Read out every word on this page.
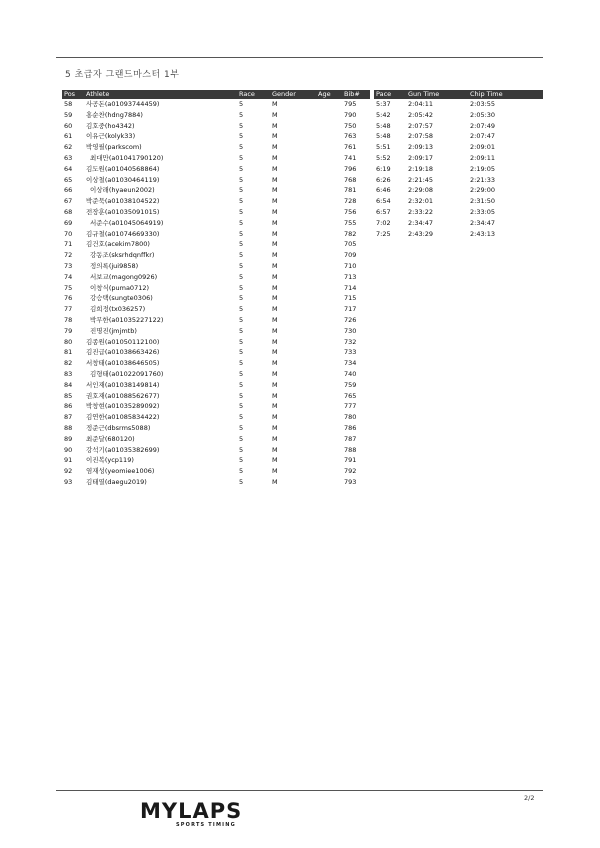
5 초급자 그랜드마스터 1부
Pos	Athlete	Race	Gender	Age	Bib#		Pace	Gun Time	Chip Time
58	사공돈(a01093744459)	5	M		795		5:37	2:04:11	2:03:55
59	홍순찬(hdng7884)	5	M		790		5:42	2:05:42	2:05:30
60	김호중(ho4342)	5	M		750		5:48	2:07:57	2:07:49
61	이유근(kolyk33)	5	M		763		5:48	2:07:58	2:07:47
62	박영필(parkscom)	5	M		761		5:51	2:09:13	2:09:01
63	최대만(a01041790120)	5	M		741		5:52	2:09:17	2:09:11
64	김도원(a01040568864)	5	M		796		6:19	2:19:18	2:19:05
65	이상철(a01030464119)	5	M		768		6:26	2:21:45	2:21:33
66	이상래(hyaeun2002)	5	M		781		6:46	2:29:08	2:29:00
67	박준묵(a01038104522)	5	M		728		6:54	2:32:01	2:31:50
68	전장훈(a01035091015)	5	M		756		6:57	2:33:22	2:33:05
69	서준수(a01045064919)	5	M		755		7:02	2:34:47	2:34:47
70	김규철(a01074669330)	5	M		782		7:25	2:43:29	2:43:13
71	김건호(acekim7800)	5	M		705				
72	강동조(sksrhdqnffkr)	5	M		709				
73	정의록(jui9858)	5	M		710				
74	서보교(magong0926)	5	M		713				
75	이창식(puma0712)	5	M		714				
76	강승택(sungte0306)	5	M		715				
77	김희정(tx036257)	5	M		717				
78	박무한(a01035227122)	5	M		726				
79	진명진(jmjmtb)	5	M		730				
80	김종원(a01050112100)	5	M		732				
81	김진급(a01038663426)	5	M		733				
82	서창태(a01038646505)	5	M		734				
83	김형태(a01022091760)	5	M		740				
84	서인재(a01038149814)	5	M		759				
85	권호재(a01088562677)	5	M		765				
86	박창현(a01035289092)	5	M		777				
87	김연한(a01085834422)	5	M		780				
88	정준근(dbsrms5088)	5	M		786				
89	최준달(680120)	5	M		787				
90	강석기(a01035382699)	5	M		788				
91	이진복(ycp119)	5	M		791				
92	염재성(yeomiee1006)	5	M		792				
93	김태열(daegu2019)	5	M		793				
2/2
MYLAPS
SPORTS TIMING
